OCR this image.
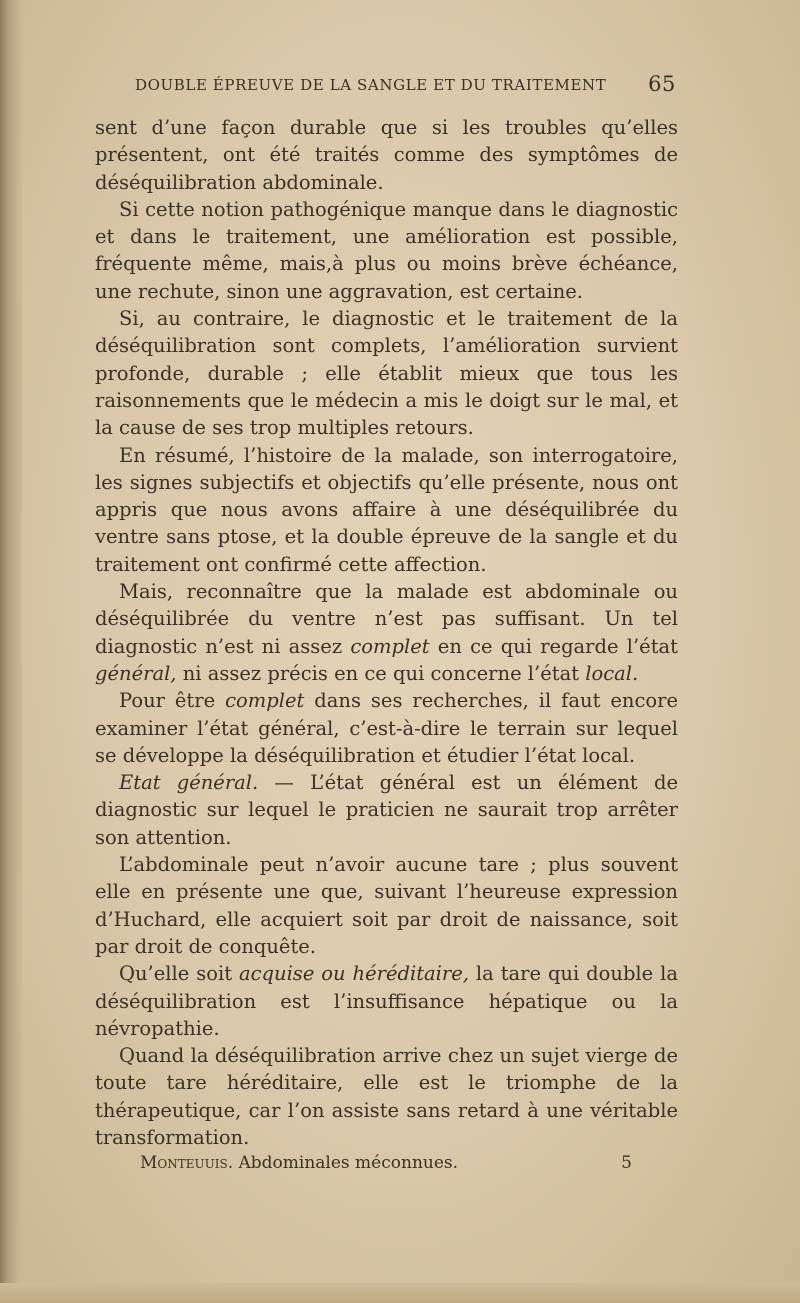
DOUBLE ÉPREUVE DE LA SANGLE ET DU TRAITEMENT 65

sent d’une façon durable que si les troubles qu’elles présentent, ont été traités comme des symptômes de déséquilibration abdominale.

Si cette notion pathogénique manque dans le diagnostic et dans le traitement, une amélioration est possible, fréquente même, mais,à plus ou moins brève échéance, une rechute, sinon une aggravation, est certaine.

Si, au contraire, le diagnostic et le traitement de la déséquilibration sont complets, l’amélioration survient profonde, durable ; elle établit mieux que tous les raisonnements que le médecin a mis le doigt sur le mal, et la cause de ses trop multiples retours.

En résumé, l’histoire de la malade, son interrogatoire, les signes subjectifs et objectifs qu’elle présente, nous ont appris que nous avons affaire à une déséquilibrée du ventre sans ptose, et la double épreuve de la sangle et du traitement ont confirmé cette affection.

Mais, reconnaître que la malade est abdominale ou déséquilibrée du ventre n’est pas suffisant. Un tel diagnostic n’est ni assez complet en ce qui regarde l’état général, ni assez précis en ce qui concerne l’état local.

Pour être complet dans ses recherches, il faut encore examiner l’état général, c’est-à-dire le terrain sur lequel se développe la déséquilibration et étudier l’état local.

Etat général. — L’état général est un élément de diagnostic sur lequel le praticien ne saurait trop arrêter son attention.

L’abdominale peut n’avoir aucune tare ; plus souvent elle en présente une que, suivant l’heureuse expression d’Huchard, elle acquiert soit par droit de naissance, soit par droit de conquête.

Qu’elle soit acquise ou héréditaire, la tare qui double la déséquilibration est l’insuffisance hépatique ou la névropathie.

Quand la déséquilibration arrive chez un sujet vierge de toute tare héréditaire, elle est le triomphe de la thérapeutique, car l’on assiste sans retard à une véritable transformation.

Monteuuis. Abdominales méconnues.	5
